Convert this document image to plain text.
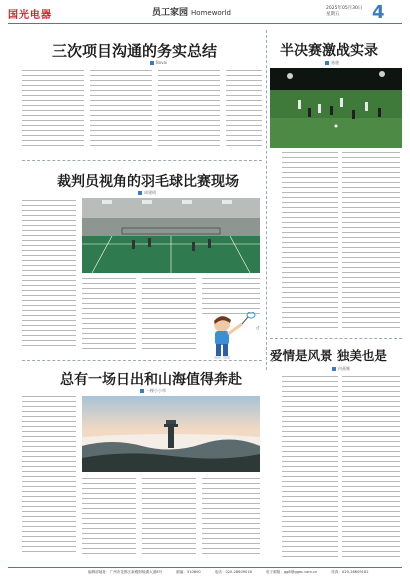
国光电器	员工家园 Homeworld
2025年05月30日
星期五	4
三次项目沟通的务实总结
Bovai
半决赛激战实录
骆骏
裁判员视角的羽毛球比赛现场
周建明
总有一场日出和山海值得奔赴
一棵小小草
爱情是风景 独美也是
何燕娜
编辑部地址：广州市花都区新雅街镜湖大道8号	邮编：510800	电话：020-28609016	电子邮箱：gg8@ggec.com.cn	传真：020-28609182
